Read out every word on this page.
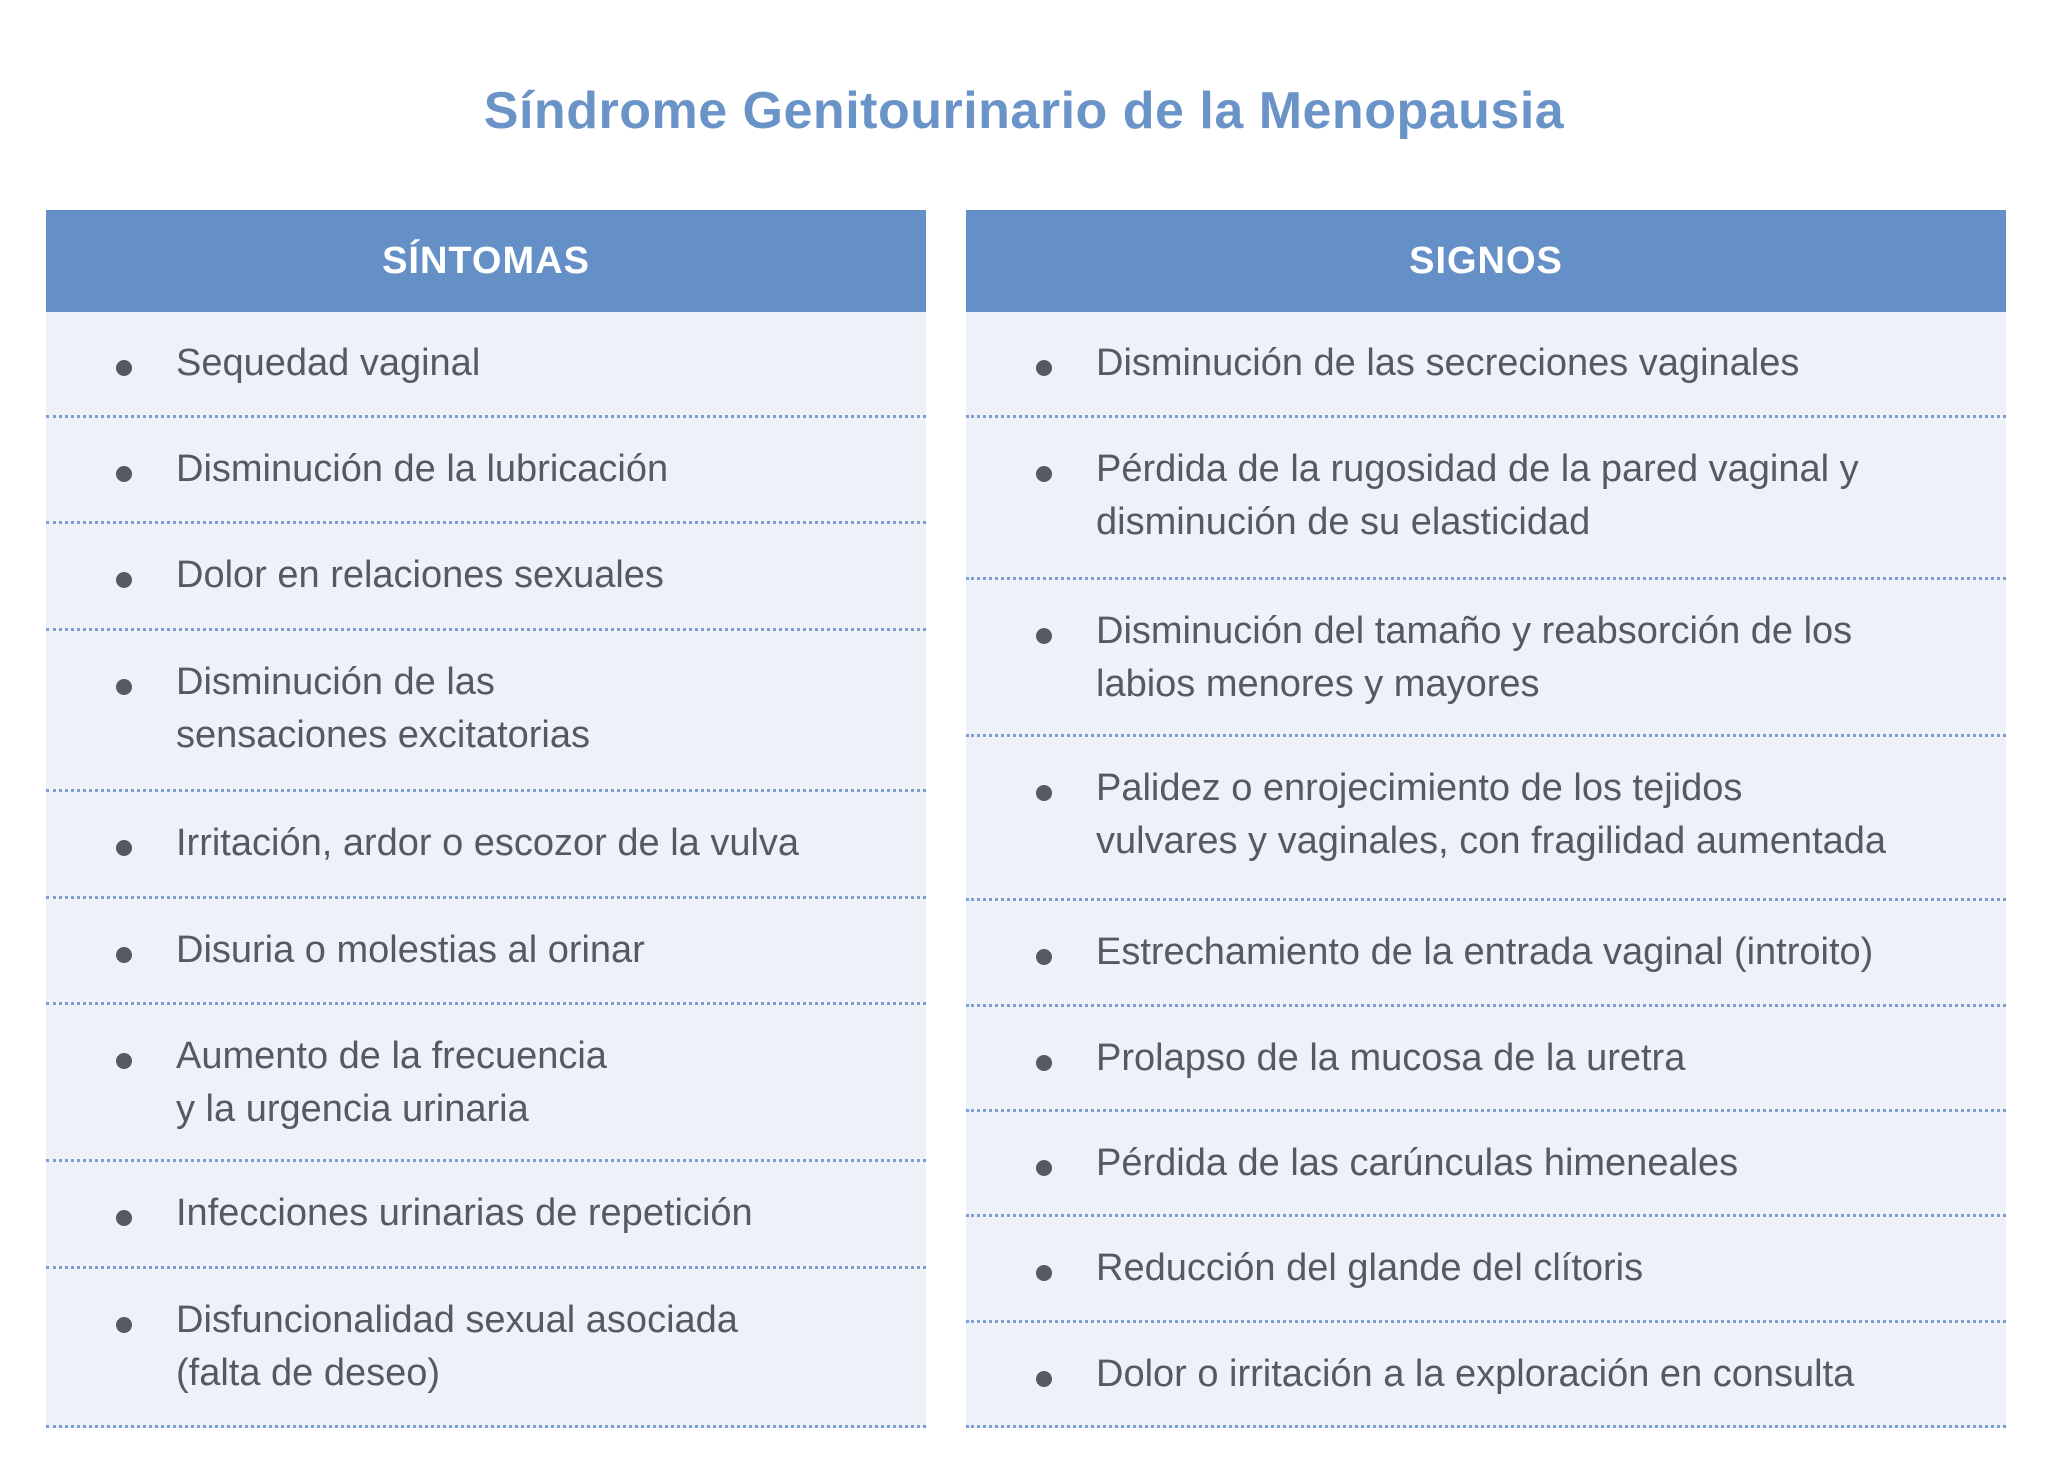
Síndrome Genitourinario de la Menopausia
SÍNTOMAS
Sequedad vaginal
Disminución de la lubricación
Dolor en relaciones sexuales
Disminución de las
sensaciones excitatorias
Irritación, ardor o escozor de la vulva
Disuria o molestias al orinar
Aumento de la frecuencia
y la urgencia urinaria
Infecciones urinarias de repetición
Disfuncionalidad sexual asociada
(falta de deseo)
SIGNOS
Disminución de las secreciones vaginales
Pérdida de la rugosidad de la pared vaginal y
disminución de su elasticidad
Disminución del tamaño y reabsorción de los
labios menores y mayores
Palidez o enrojecimiento de los tejidos
vulvares y vaginales, con fragilidad aumentada
Estrechamiento de la entrada vaginal (introito)
Prolapso de la mucosa de la uretra
Pérdida de las carúnculas himeneales
Reducción del glande del clítoris
Dolor o irritación a la exploración en consulta
